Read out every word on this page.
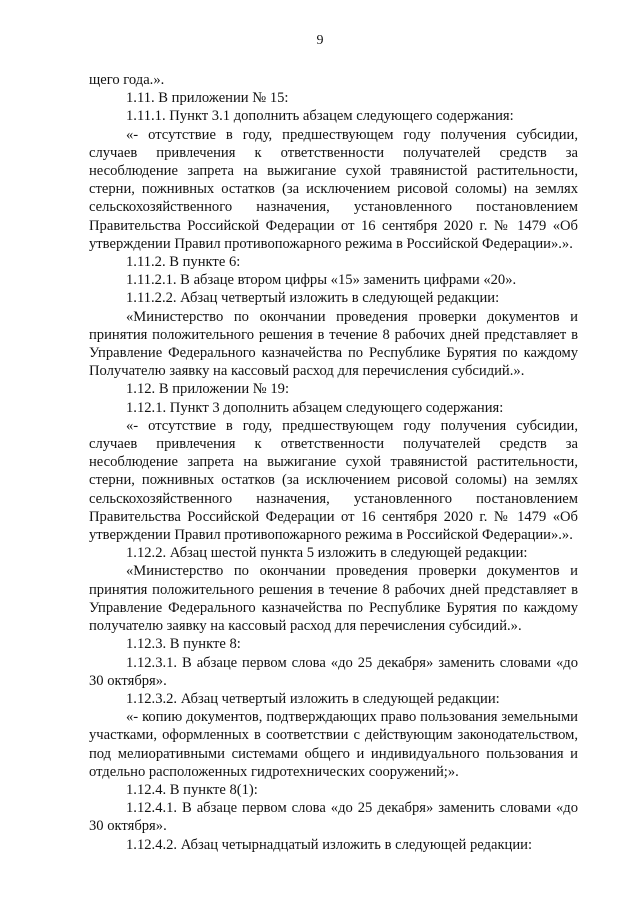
9

щего года.».

1.11. В приложении № 15:

1.11.1. Пункт 3.1 дополнить абзацем следующего содержания:

«- отсутствие в году, предшествующем году получения субсидии, случаев привлечения к ответственности получателей средств за несоблюдение запрета на выжигание сухой травянистой растительности, стерни, пожнивных остатков (за исключением рисовой соломы) на землях сельскохозяйственного назначения, установленного постановлением Правительства Российской Федерации от 16 сентября 2020 г. № 1479 «Об утверждении Правил противопожарного режима в Российской Федерации».».

1.11.2. В пункте 6:

1.11.2.1. В абзаце втором цифры «15» заменить цифрами «20».

1.11.2.2. Абзац четвертый изложить в следующей редакции:

«Министерство по окончании проведения проверки документов и принятия положительного решения в течение 8 рабочих дней представляет в Управление Федерального казначейства по Республике Бурятия по каждому Получателю заявку на кассовый расход для перечисления субсидий.».

1.12. В приложении № 19:

1.12.1. Пункт 3 дополнить абзацем следующего содержания:

«- отсутствие в году, предшествующем году получения субсидии, случаев привлечения к ответственности получателей средств за несоблюдение запрета на выжигание сухой травянистой растительности, стерни, пожнивных остатков (за исключением рисовой соломы) на землях сельскохозяйственного назначения, установленного постановлением Правительства Российской Федерации от 16 сентября 2020 г. № 1479 «Об утверждении Правил противопожарного режима в Российской Федерации».».

1.12.2. Абзац шестой пункта 5 изложить в следующей редакции:

«Министерство по окончании проведения проверки документов и принятия положительного решения в течение 8 рабочих дней представляет в Управление Федерального казначейства по Республике Бурятия по каждому получателю заявку на кассовый расход для перечисления субсидий.».

1.12.3. В пункте 8:

1.12.3.1. В абзаце первом слова «до 25 декабря» заменить словами «до 30 октября».

1.12.3.2. Абзац четвертый изложить в следующей редакции:

«- копию документов, подтверждающих право пользования земельными участками, оформленных в соответствии с действующим законодательством, под мелиоративными системами общего и индивидуального пользования и отдельно расположенных гидротехнических сооружений;».

1.12.4. В пункте 8(1):

1.12.4.1. В абзаце первом слова «до 25 декабря» заменить словами «до 30 октября».

1.12.4.2. Абзац четырнадцатый изложить в следующей редакции:
